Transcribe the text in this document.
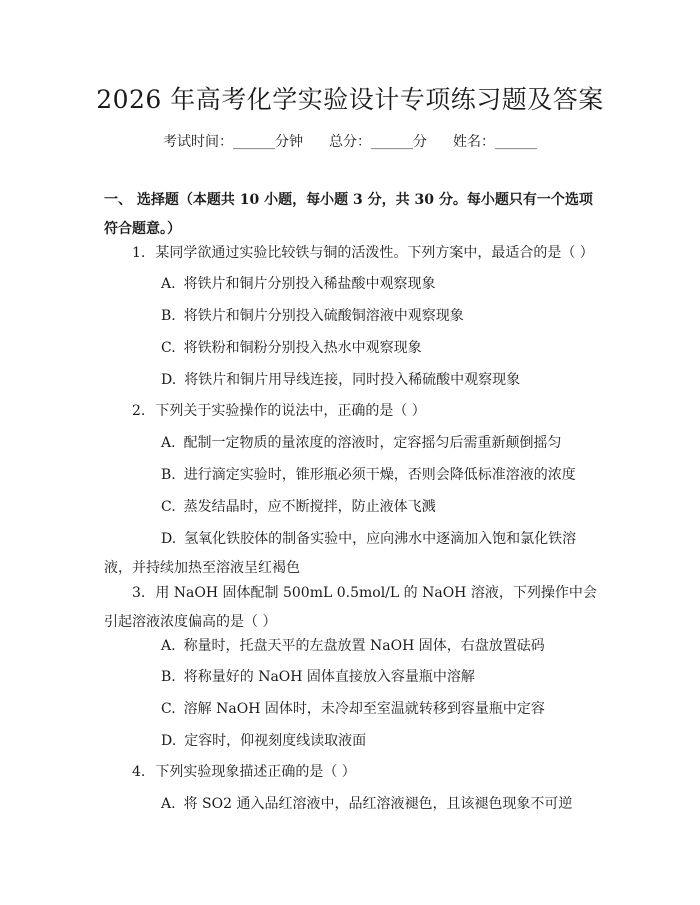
2026 年高考化学实验设计专项练习题及答案
考试时间：______分钟 总分：______分 姓名：______
一、 选择题（本题共 10 小题，每小题 3 分，共 30 分。每小题只有一个选项符合题意。）
1. 某同学欲通过实验比较铁与铜的活泼性。下列方案中，最适合的是（ ）
A. 将铁片和铜片分别投入稀盐酸中观察现象
B. 将铁片和铜片分别投入硫酸铜溶液中观察现象
C. 将铁粉和铜粉分别投入热水中观察现象
D. 将铁片和铜片用导线连接，同时投入稀硫酸中观察现象
2. 下列关于实验操作的说法中，正确的是（ ）
A. 配制一定物质的量浓度的溶液时，定容摇匀后需重新颠倒摇匀
B. 进行滴定实验时，锥形瓶必须干燥，否则会降低标准溶液的浓度
C. 蒸发结晶时，应不断搅拌，防止液体飞溅
D. 氢氧化铁胶体的制备实验中，应向沸水中逐滴加入饱和氯化铁溶液，并持续加热至溶液呈红褐色
3. 用 NaOH 固体配制 500mL 0.5mol/L 的 NaOH 溶液，下列操作中会引起溶液浓度偏高的是（ ）
A. 称量时，托盘天平的左盘放置 NaOH 固体，右盘放置砝码
B. 将称量好的 NaOH 固体直接放入容量瓶中溶解
C. 溶解 NaOH 固体时，未冷却至室温就转移到容量瓶中定容
D. 定容时，仰视刻度线读取液面
4. 下列实验现象描述正确的是（ ）
A. 将 SO2 通入品红溶液中，品红溶液褪色，且该褪色现象不可逆
